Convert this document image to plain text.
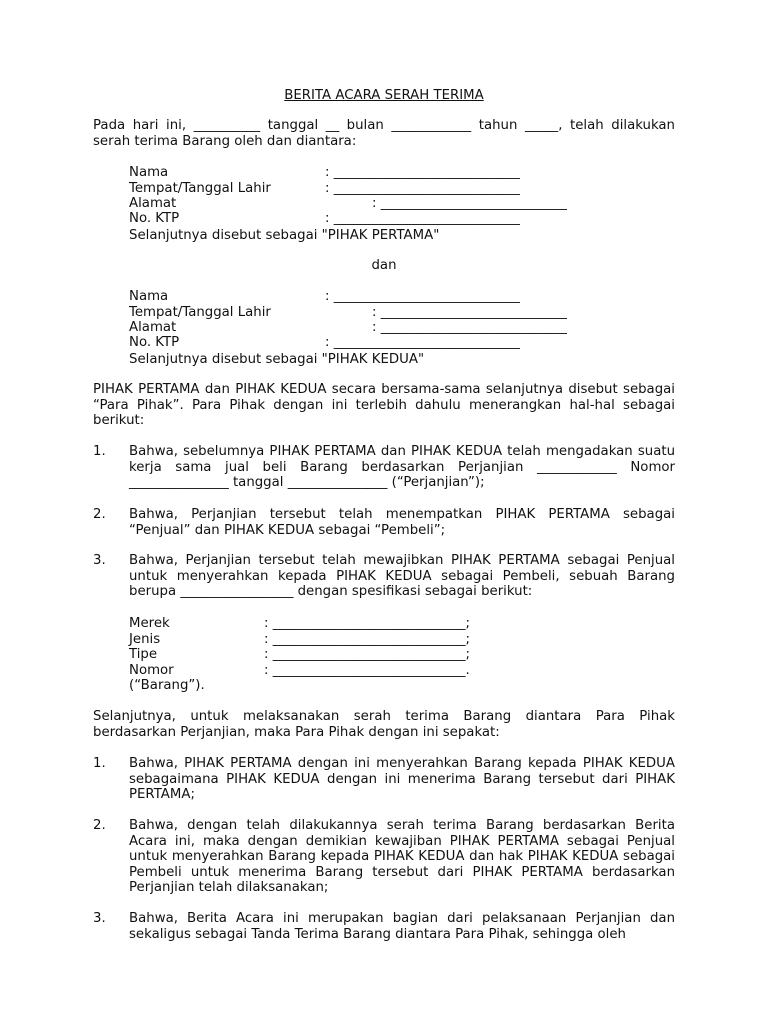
BERITA ACARA SERAH TERIMA

Pada hari ini, __________ tanggal __ bulan ____________ tahun _____, telah dilakukan serah terima Barang oleh dan diantara:

Nama	: ____________________________

Tempat/Tanggal Lahir	: ____________________________

Alamat	: ____________________________

No. KTP	: ____________________________

Selanjutnya disebut sebagai "PIHAK PERTAMA"

dan

Nama	: ____________________________

Tempat/Tanggal Lahir	: ____________________________

Alamat	: ____________________________

No. KTP	: ____________________________

Selanjutnya disebut sebagai "PIHAK KEDUA"

PIHAK PERTAMA dan PIHAK KEDUA secara bersama-sama selanjutnya disebut sebagai “Para Pihak”. Para Pihak dengan ini terlebih dahulu menerangkan hal-hal sebagai berikut:

1. Bahwa, sebelumnya PIHAK PERTAMA dan PIHAK KEDUA telah mengadakan suatu kerja sama jual beli Barang berdasarkan Perjanjian ____________ Nomor _______________ tanggal _______________ (“Perjanjian”);

2. Bahwa, Perjanjian tersebut telah menempatkan PIHAK PERTAMA sebagai “Penjual” dan PIHAK KEDUA sebagai “Pembeli”;

3. Bahwa, Perjanjian tersebut telah mewajibkan PIHAK PERTAMA sebagai Penjual untuk menyerahkan kepada PIHAK KEDUA sebagai Pembeli, sebuah Barang berupa _________________ dengan spesifikasi sebagai berikut:

Merek	: _____________________________;

Jenis	: _____________________________;

Tipe	: _____________________________;

Nomor	: _____________________________.

(“Barang”).

Selanjutnya, untuk melaksanakan serah terima Barang diantara Para Pihak berdasarkan Perjanjian, maka Para Pihak dengan ini sepakat:

1. Bahwa, PIHAK PERTAMA dengan ini menyerahkan Barang kepada PIHAK KEDUA sebagaimana PIHAK KEDUA dengan ini menerima Barang tersebut dari PIHAK PERTAMA;

2. Bahwa, dengan telah dilakukannya serah terima Barang berdasarkan Berita Acara ini, maka dengan demikian kewajiban PIHAK PERTAMA sebagai Penjual untuk menyerahkan Barang kepada PIHAK KEDUA dan hak PIHAK KEDUA sebagai Pembeli untuk menerima Barang tersebut dari PIHAK PERTAMA berdasarkan Perjanjian telah dilaksanakan;

3. Bahwa, Berita Acara ini merupakan bagian dari pelaksanaan Perjanjian dan sekaligus sebagai Tanda Terima Barang diantara Para Pihak, sehingga oleh
